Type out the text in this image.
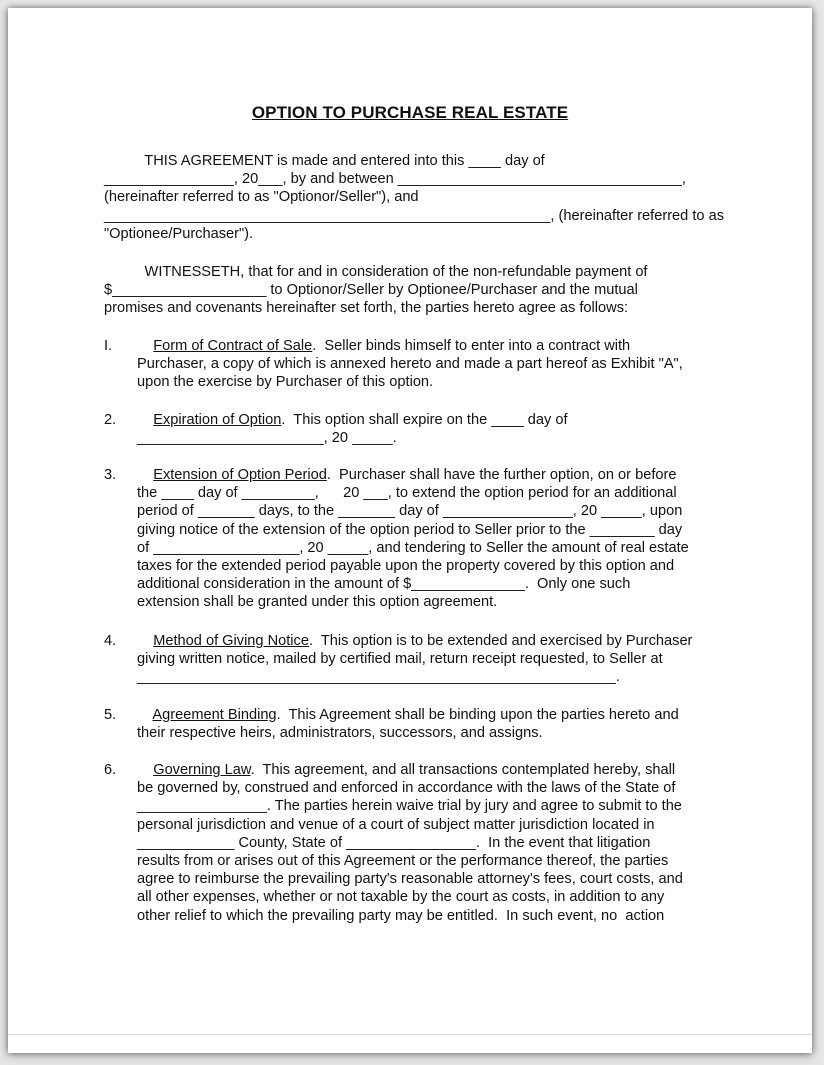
OPTION TO PURCHASE REAL ESTATE
THIS AGREEMENT is made and entered into this ____ day of
________________, 20___, by and between ___________________________________,
(hereinafter referred to as "Optionor/Seller"), and
_______________________________________________________, (hereinafter referred to as
"Optionee/Purchaser").
WITNESSETH, that for and in consideration of the non-refundable payment of
$___________________ to Optionor/Seller by Optionee/Purchaser and the mutual
promises and covenants hereinafter set forth, the parties hereto agree as follows:
I.	Form of Contract of Sale.  Seller binds himself to enter into a contract with
Purchaser, a copy of which is annexed hereto and made a part hereof as Exhibit "A",
upon the exercise by Purchaser of this option.
2.	Expiration of Option.  This option shall expire on the ____ day of
_______________________, 20 _____.
3.	Extension of Option Period.  Purchaser shall have the further option, on or before
the ____ day of _________,      20 ___, to extend the option period for an additional
period of _______ days, to the _______ day of ________________, 20 _____, upon
giving notice of the extension of the option period to Seller prior to the ________ day
of __________________, 20 _____, and tendering to Seller the amount of real estate
taxes for the extended period payable upon the property covered by this option and
additional consideration in the amount of $______________.  Only one such
extension shall be granted under this option agreement.
4.	Method of Giving Notice.  This option is to be extended and exercised by Purchaser
giving written notice, mailed by certified mail, return receipt requested, to Seller at
___________________________________________________________.
5.	Agreement Binding.  This Agreement shall be binding upon the parties hereto and
their respective heirs, administrators, successors, and assigns.
6.	Governing Law.  This agreement, and all transactions contemplated hereby, shall
be governed by, construed and enforced in accordance with the laws of the State of
________________. The parties herein waive trial by jury and agree to submit to the
personal jurisdiction and venue of a court of subject matter jurisdiction located in
____________ County, State of ________________.  In the event that litigation
results from or arises out of this Agreement or the performance thereof, the parties
agree to reimburse the prevailing party's reasonable attorney's fees, court costs, and
all other expenses, whether or not taxable by the court as costs, in addition to any
other relief to which the prevailing party may be entitled.  In such event, no  action
